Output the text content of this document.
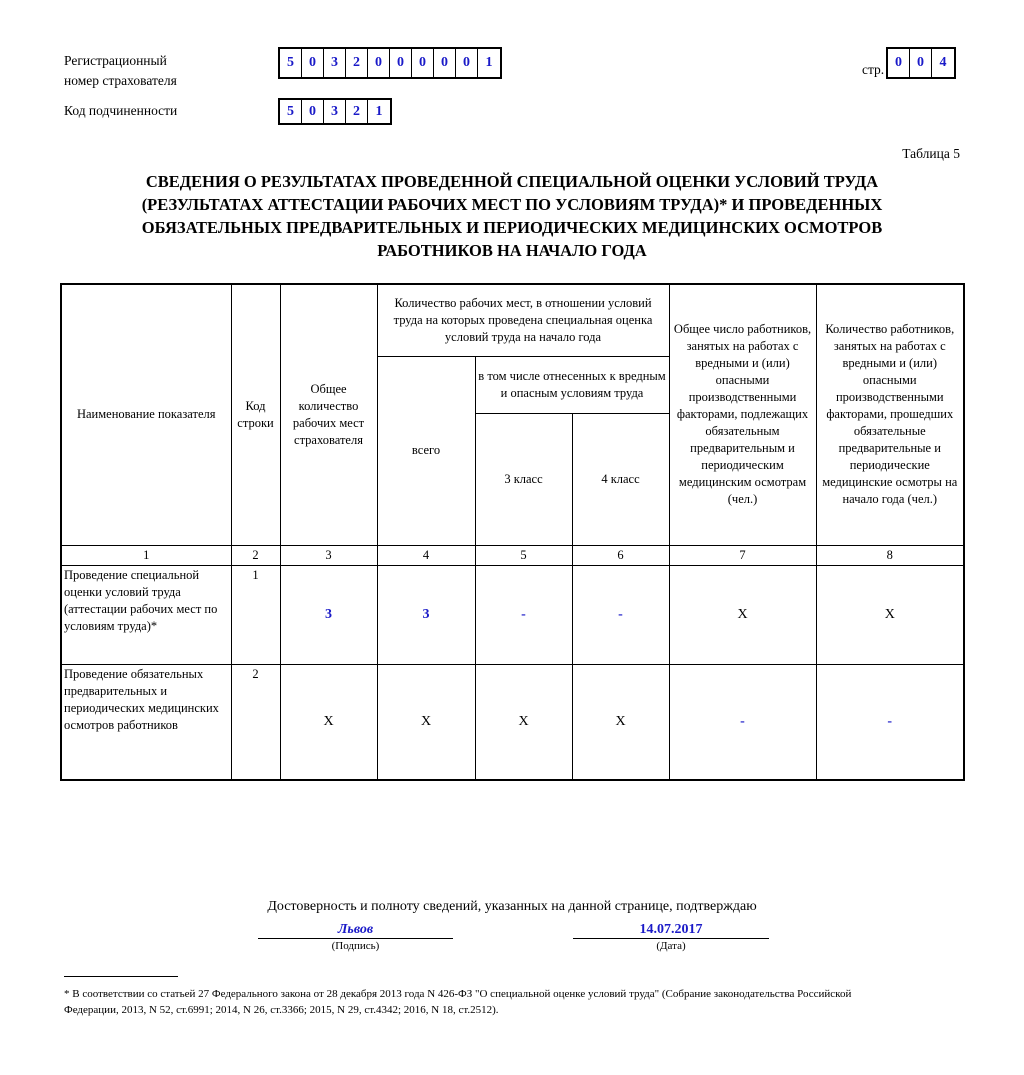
Регистрационный
номер страхователя
5	0	3	2	0	0	0	0	0	1
Код подчиненности	5	0	3	2	1
стр. 0	0	4
Таблица 5
СВЕДЕНИЯ О РЕЗУЛЬТАТАХ ПРОВЕДЕННОЙ СПЕЦИАЛЬНОЙ ОЦЕНКИ УСЛОВИЙ ТРУДА
(РЕЗУЛЬТАТАХ АТТЕСТАЦИИ РАБОЧИХ МЕСТ ПО УСЛОВИЯМ ТРУДА)* И ПРОВЕДЕННЫХ
ОБЯЗАТЕЛЬНЫХ ПРЕДВАРИТЕЛЬНЫХ И ПЕРИОДИЧЕСКИХ МЕДИЦИНСКИХ ОСМОТРОВ
РАБОТНИКОВ НА НАЧАЛО ГОДА
Наименование показателя	Код строки	Общее количество рабочих мест страхователя	Количество рабочих мест, в отношении условий труда на которых проведена специальная оценка условий труда на начало года			Общее число работников, занятых на работах с вредными и (или) опасными производственными факторами, подлежащих обязательным предварительным и периодическим медицинским осмотрам (чел.)	Количество работников, занятых на работах с вредными и (или) опасными производственными факторами, прошедших обязательные предварительные и периодические медицинские осмотры на начало года (чел.)
			всего	в том числе отнесенных к вредным и опасным условиям труда			
				3 класс	4 класс		
1	2	3	4	5	6	7	8
Проведение специальной оценки условий труда (аттестации рабочих мест по условиям труда)*	1	3	3	-	-	X	X
Проведение обязательных предварительных и периодических медицинских осмотров работников	2	X	X	X	X	-	-
Достоверность и полноту сведений, указанных на данной странице, подтверждаю
Львов
(Подпись)
14.07.2017
(Дата)
* В соответствии со статьей 27 Федерального закона от 28 декабря 2013 года N 426-ФЗ "О специальной оценке условий труда" (Собрание законодательства Российской
Федерации, 2013, N 52, ст.6991; 2014, N 26, ст.3366; 2015, N 29, ст.4342; 2016, N 18, ст.2512).
